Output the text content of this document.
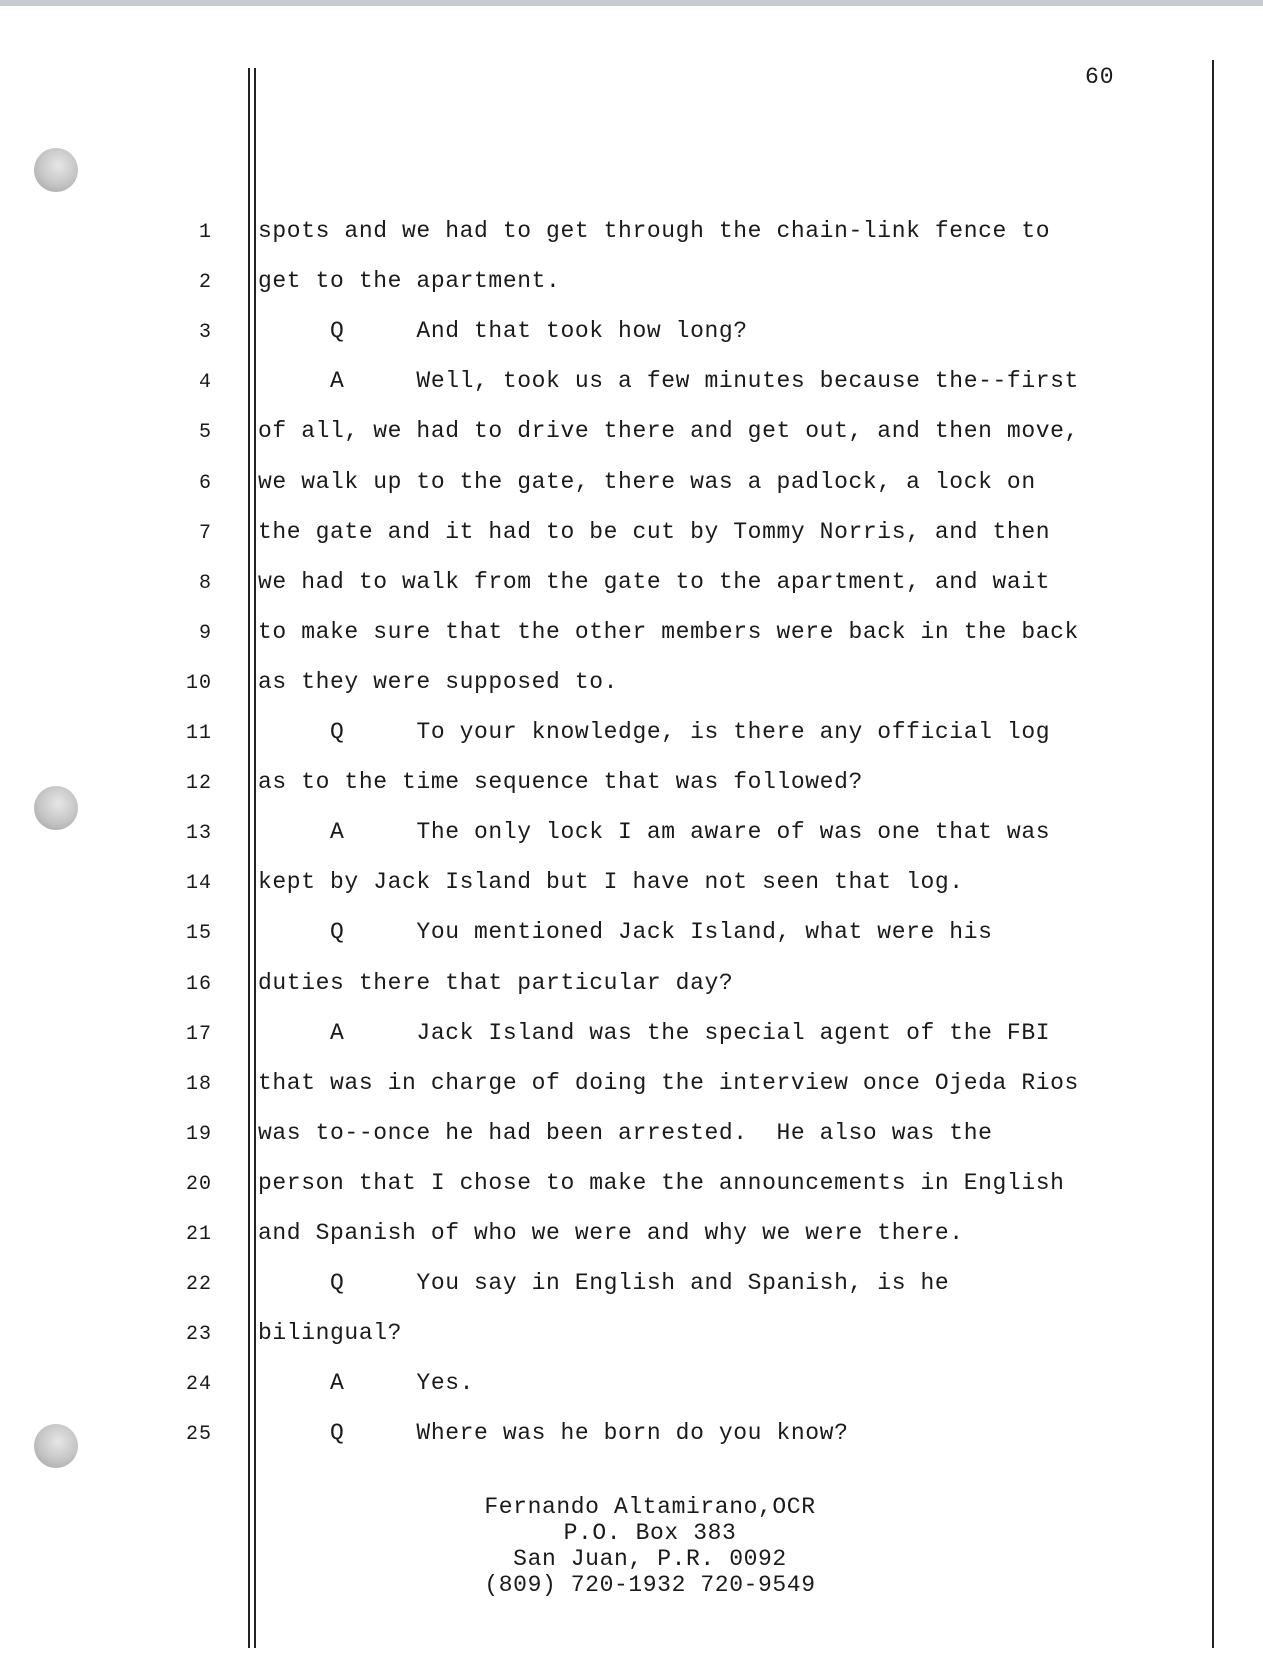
60
1 spots and we had to get through the chain-link fence to
2 get to the apartment.
3 Q     And that took how long?
4 A     Well, took us a few minutes because the--first
5 of all, we had to drive there and get out, and then move,
6 we walk up to the gate, there was a padlock, a lock on
7 the gate and it had to be cut by Tommy Norris, and then
8 we had to walk from the gate to the apartment, and wait
9 to make sure that the other members were back in the back
10 as they were supposed to.
11 Q     To your knowledge, is there any official log
12 as to the time sequence that was followed?
13 A     The only lock I am aware of was one that was
14 kept by Jack Island but I have not seen that log.
15 Q     You mentioned Jack Island, what were his
16 duties there that particular day?
17 A     Jack Island was the special agent of the FBI
18 that was in charge of doing the interview once Ojeda Rios
19 was to--once he had been arrested.  He also was the
20 person that I chose to make the announcements in English
21 and Spanish of who we were and why we were there.
22 Q     You say in English and Spanish, is he
23 bilingual?
24 A     Yes.
25 Q     Where was he born do you know?
Fernando Altamirano,OCR
P.O. Box 383
San Juan, P.R. 0092
(809) 720-1932 720-9549
